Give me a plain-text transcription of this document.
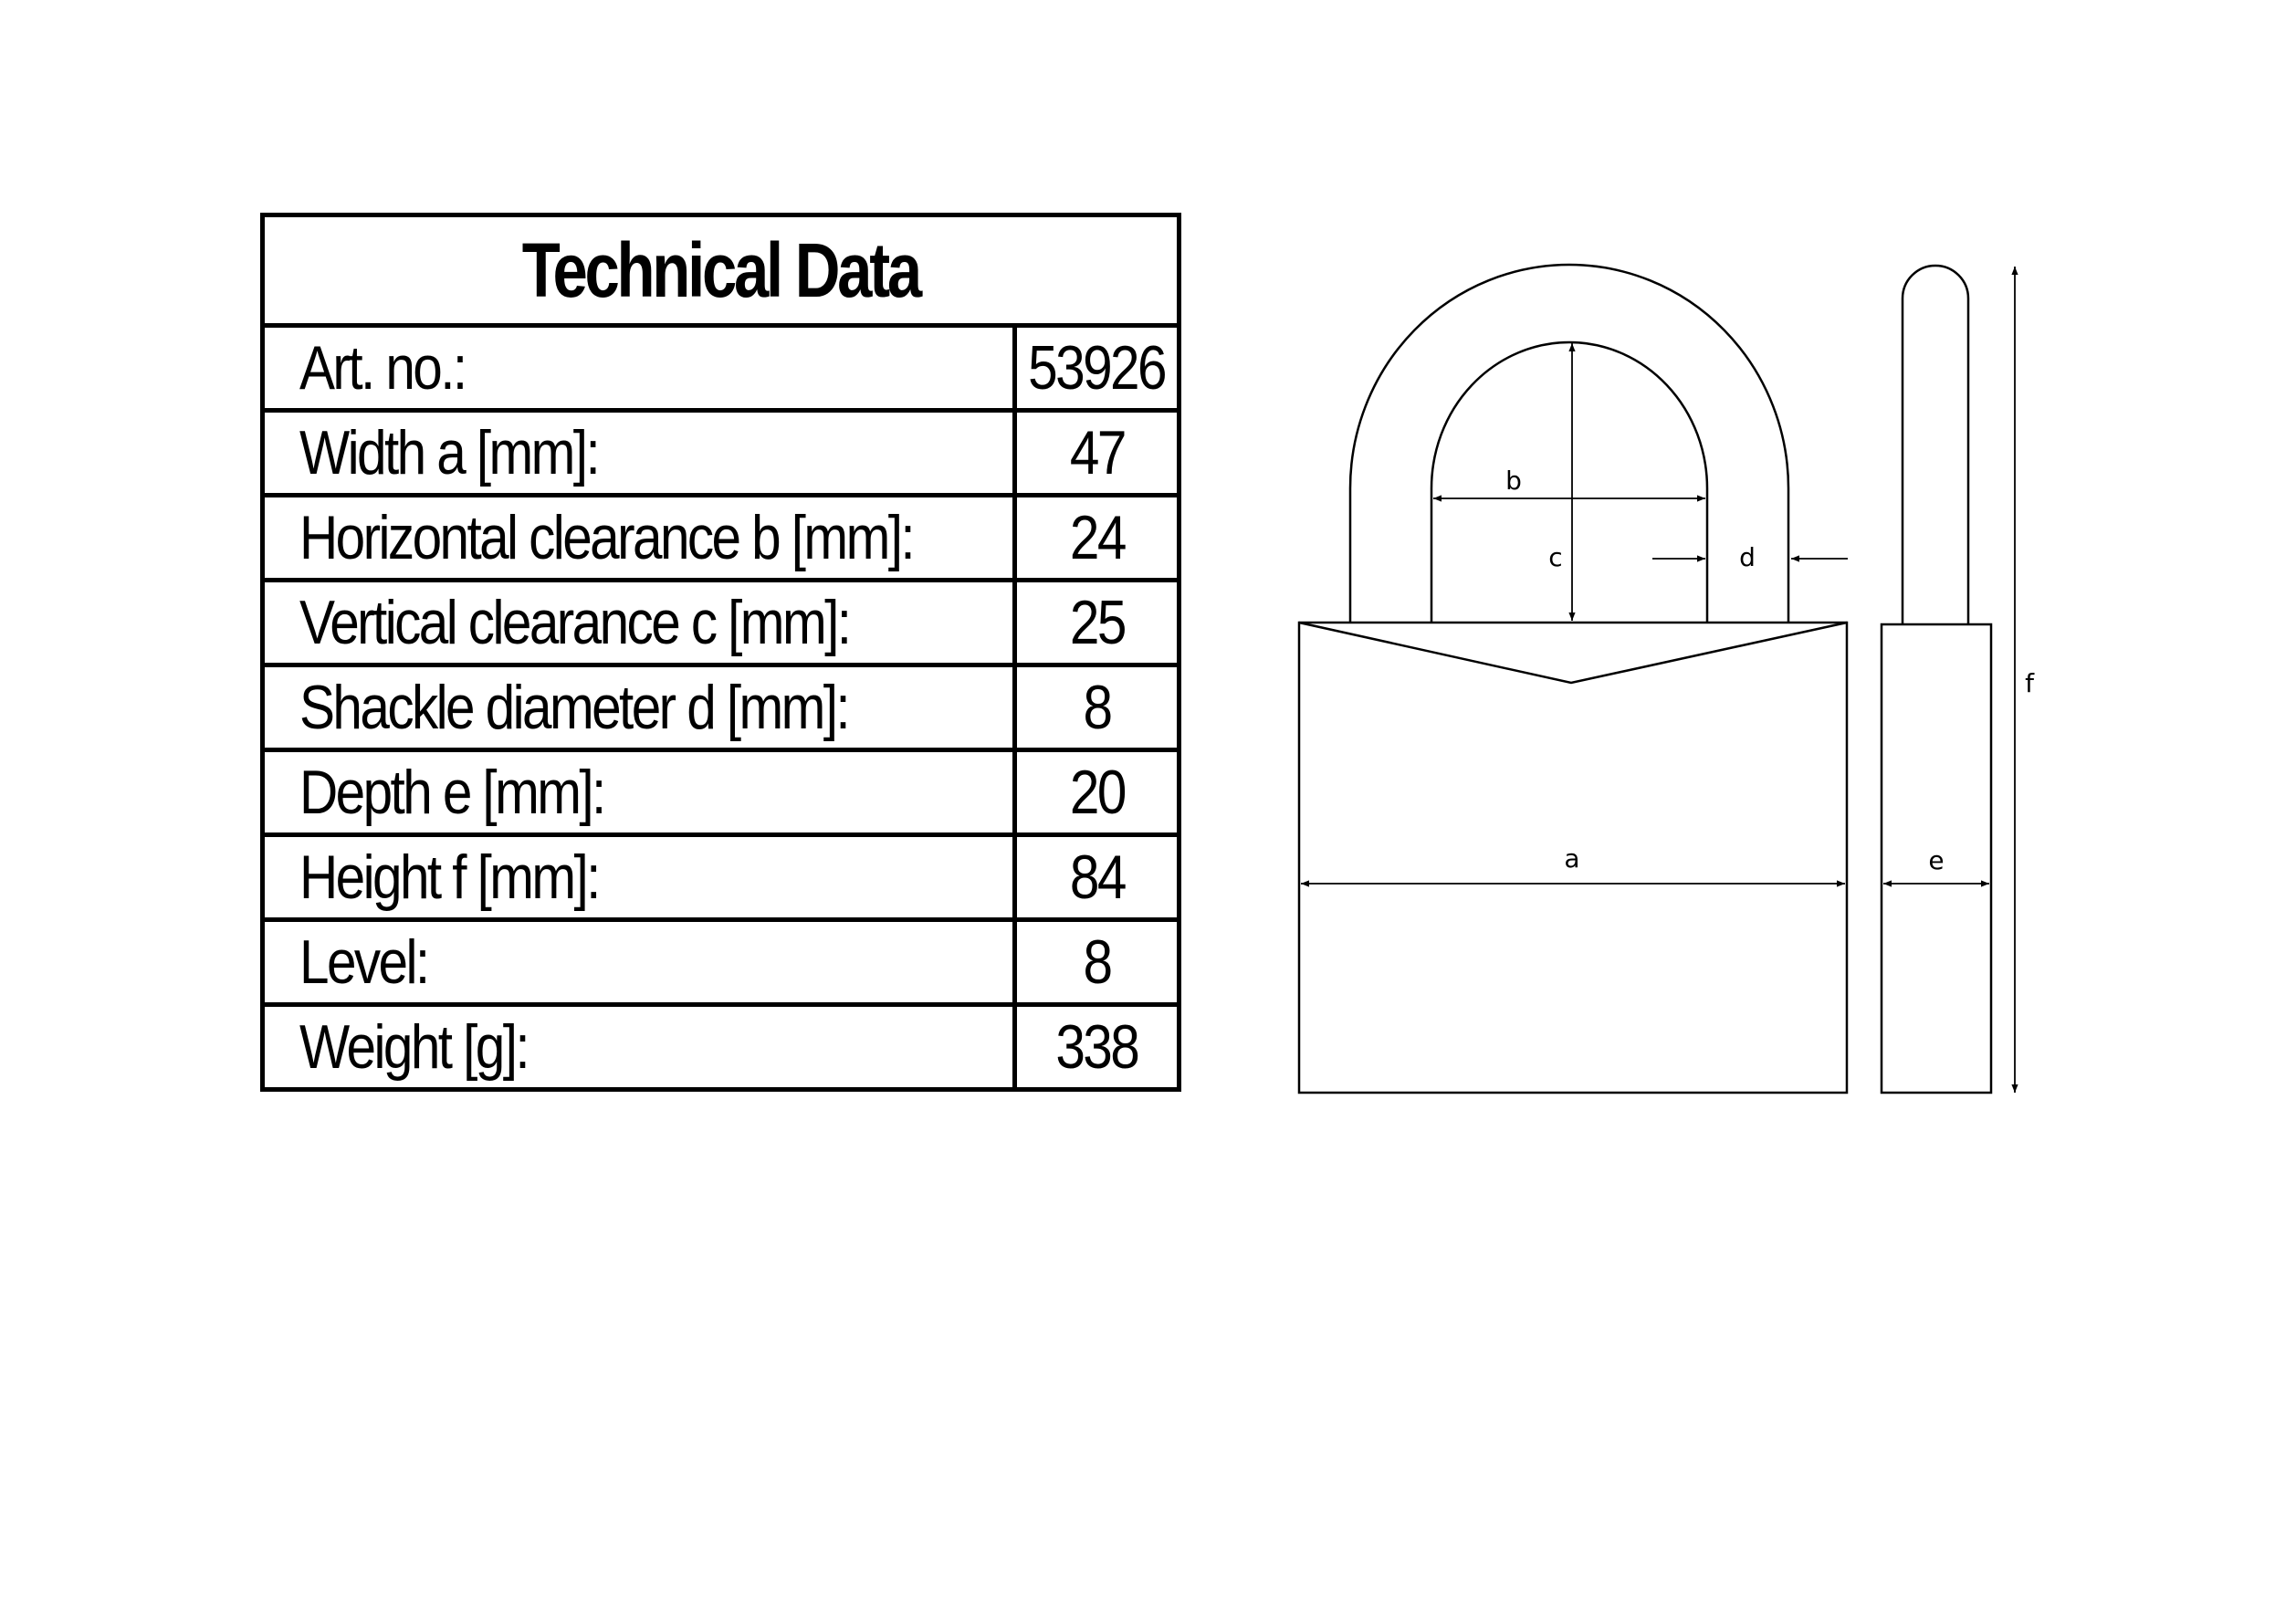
Technical Data	
Art. no.:	53926
Width a [mm]:	47
Horizontal clearance b [mm]:	24
Vertical clearance c [mm]:	25
Shackle diameter d [mm]:	8
Depth e [mm]:	20
Height f [mm]:	84
Level:	8
Weight [g]:	338
b
c	d
a	e
f
